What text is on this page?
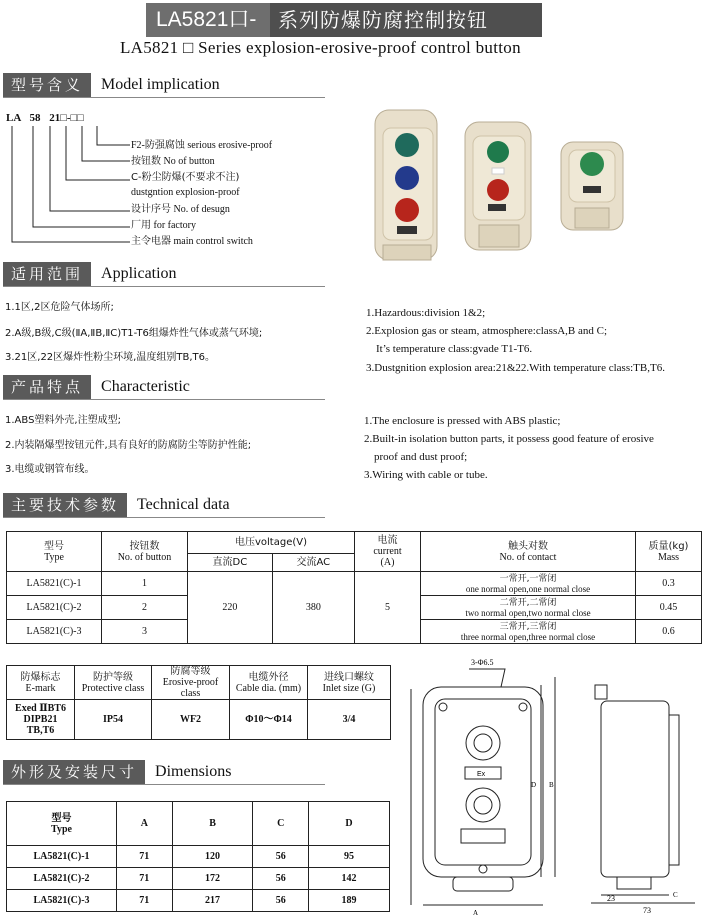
LA5821口-	系列防爆防腐控制按钮
LA5821 □ Series explosion-erosive-proof control button
型号含义	Model implication
LA 58 21□-□□
F2-防强腐蚀 serious erosive-proof
按钮数 No of button
C-粉尘防爆(不要求不注)
dustgntion explosion-proof
设计序号 No. of desugn
厂用 for factory
主令电器 main control switch
适用范围	Application
1.1区,2区危险气体场所;
2.A级,B级,C级(ⅡA,ⅡB,ⅡC)T1-T6组爆炸性气体或蒸气环境;
3.21区,22区爆炸性粉尘环境,温度组别TB,T6。
1.Hazardous:division 1&2;
2.Explosion gas or steam, atmosphere:classA,B and C;
It’s temperature class:gvade T1-T6.
3.Dustgnition explosion area:21&22.With temperature class:TB,T6.
产品特点	Characteristic
1.ABS塑料外壳,注塑成型;
2.内装隔爆型按钮元件,具有良好的防腐防尘等防护性能;
3.电缆或钢管布线。
1.The enclosure is pressed with ABS plastic;
2.Built-in isolation button parts, it possess good feature of erosive
proof and dust proof;
3.Wiring with cable or tube.
主要技术参数	Technical data
型号
Type	按钮数
No. of button	电压voltage(V)		电流
current
(A)	触头对数
No. of contact	质量(kg)
Mass
		直流DC	交流AC			
LA5821(C)-1	1	220	380	5	一常开,一常闭
one normal open,one normal close	0.3
LA5821(C)-2	2				二常开,二常闭
two normal open,two normal close	0.45
LA5821(C)-3	3				三常开,三常闭
three normal open,three normal close	0.6
防爆标志
E-mark	防护等级
Protective class	防腐等级
Erosive-proof class	电缆外径
Cable dia. (mm)	进线口螺纹
Inlet size (G)
Exed ⅡBT6
DIPB21
TB,T6	IP54	WF2	Φ10～Φ14	3/4
外形及安装尺寸	Dimensions
型号
Type	A	B	C	D
LA5821(C)-1	71	120	56	95
LA5821(C)-2	71	172	56	142
LA5821(C)-3	71	217	56	189
3-Φ6.5
Ex
A
D B
C
23
73
